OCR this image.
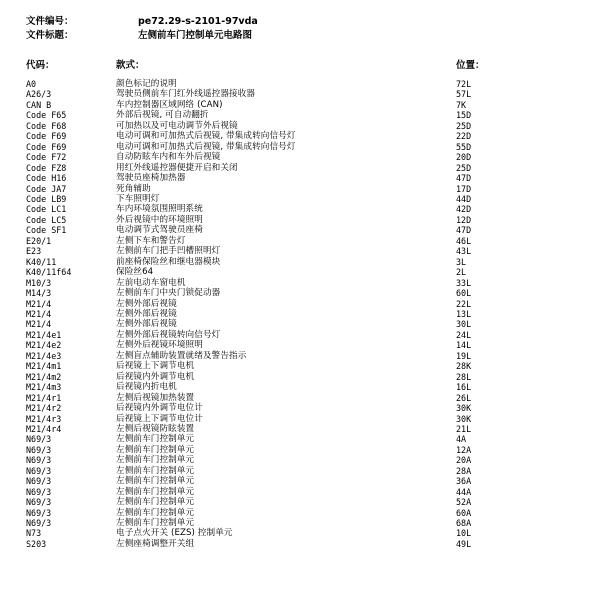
文件编号：	pe72.29-s-2101-97vda
文件标题：	左侧前车门控制单元电路图
代码：	款式：	位置：
A0	颜色标记的说明	72L
A26/3	驾驶员侧前车门红外线遥控器接收器	57L
CAN B	车内控制器区域网络 (CAN)	7K
Code F65	外部后视镜, 可自动翻折	15D
Code F68	可加热以及可电动调节外后视镜	25D
Code F69	电动可调和可加热式后视镜, 带集成转向信号灯	22D
Code F69	电动可调和可加热式后视镜, 带集成转向信号灯	55D
Code F72	自动防眩车内和车外后视镜	20D
Code FZ8	用红外线遥控器便捷开启和关闭	25D
Code H16	驾驶员座椅加热器	47D
Code JA7	死角辅助	17D
Code LB9	下车照明灯	44D
Code LC1	车内环境氛围照明系统	42D
Code LC5	外后视镜中的环境照明	12D
Code SF1	电动调节式驾驶员座椅	47D
E20/1	左侧下车和警告灯	46L
E23	左侧前车门把手凹槽照明灯	43L
K40/11	前座椅保险丝和继电器模块	3L
K40/11f64	保险丝64	2L
M10/3	左前电动车窗电机	33L
M14/3	左侧前车门中央门锁促动器	60L
M21/4	左侧外部后视镜	22L
M21/4	左侧外部后视镜	13L
M21/4	左侧外部后视镜	30L
M21/4e1	左侧外部后视镜转向信号灯	24L
M21/4e2	左侧外后视镜环境照明	14L
M21/4e3	左侧盲点辅助装置就绪及警告指示	19L
M21/4m1	后视镜上下调节电机	28K
M21/4m2	后视镜内外调节电机	28L
M21/4m3	后视镜内折电机	16L
M21/4r1	左侧后视镜加热装置	26L
M21/4r2	后视镜内外调节电位计	30K
M21/4r3	后视镜上下调节电位计	30K
M21/4r4	左侧后视镜防眩装置	21L
N69/3	左侧前车门控制单元	4A
N69/3	左侧前车门控制单元	12A
N69/3	左侧前车门控制单元	20A
N69/3	左侧前车门控制单元	28A
N69/3	左侧前车门控制单元	36A
N69/3	左侧前车门控制单元	44A
N69/3	左侧前车门控制单元	52A
N69/3	左侧前车门控制单元	60A
N69/3	左侧前车门控制单元	68A
N73	电子点火开关 (EZS) 控制单元	10L
S203	左侧座椅调整开关组	49L
